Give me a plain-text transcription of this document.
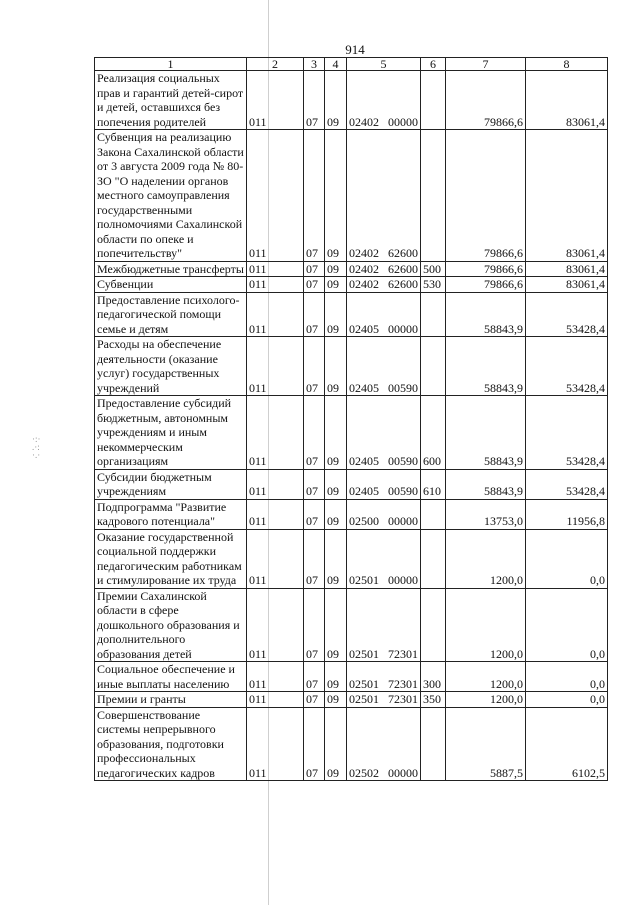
·:·
.·:
·.·
914
1	2	3	4	5	6	7	8
Реализация социальных прав и гарантий детей-сирот и детей, оставшихся без попечения родителей	011	07	09	02402 00000		79866,6	83061,4
Субвенция на реализацию Закона Сахалинской области от 3 августа 2009 года № 80-ЗО "О наделении органов местного самоуправления государственными полномочиями Сахалинской области по опеке и попечительству"	011	07	09	02402 62600		79866,6	83061,4
Межбюджетные трансферты	011	07	09	02402 62600	500	79866,6	83061,4
Субвенции	011	07	09	02402 62600	530	79866,6	83061,4
Предоставление психолого-педагогической помощи семье и детям	011	07	09	02405 00000		58843,9	53428,4
Расходы на обеспечение деятельности (оказание услуг) государственных учреждений	011	07	09	02405 00590		58843,9	53428,4
Предоставление субсидий бюджетным, автономным учреждениям и иным некоммерческим организациям	011	07	09	02405 00590	600	58843,9	53428,4
Субсидии бюджетным учреждениям	011	07	09	02405 00590	610	58843,9	53428,4
Подпрограмма "Развитие кадрового потенциала"	011	07	09	02500 00000		13753,0	11956,8
Оказание государственной социальной поддержки педагогическим работникам и стимулирование их труда	011	07	09	02501 00000		1200,0	0,0
Премии Сахалинской области в сфере дошкольного образования и дополнительного образования детей	011	07	09	02501 72301		1200,0	0,0
Социальное обеспечение и иные выплаты населению	011	07	09	02501 72301	300	1200,0	0,0
Премии и гранты	011	07	09	02501 72301	350	1200,0	0,0
Совершенствование системы непрерывного образования, подготовки профессиональных педагогических кадров	011	07	09	02502 00000		5887,5	6102,5
